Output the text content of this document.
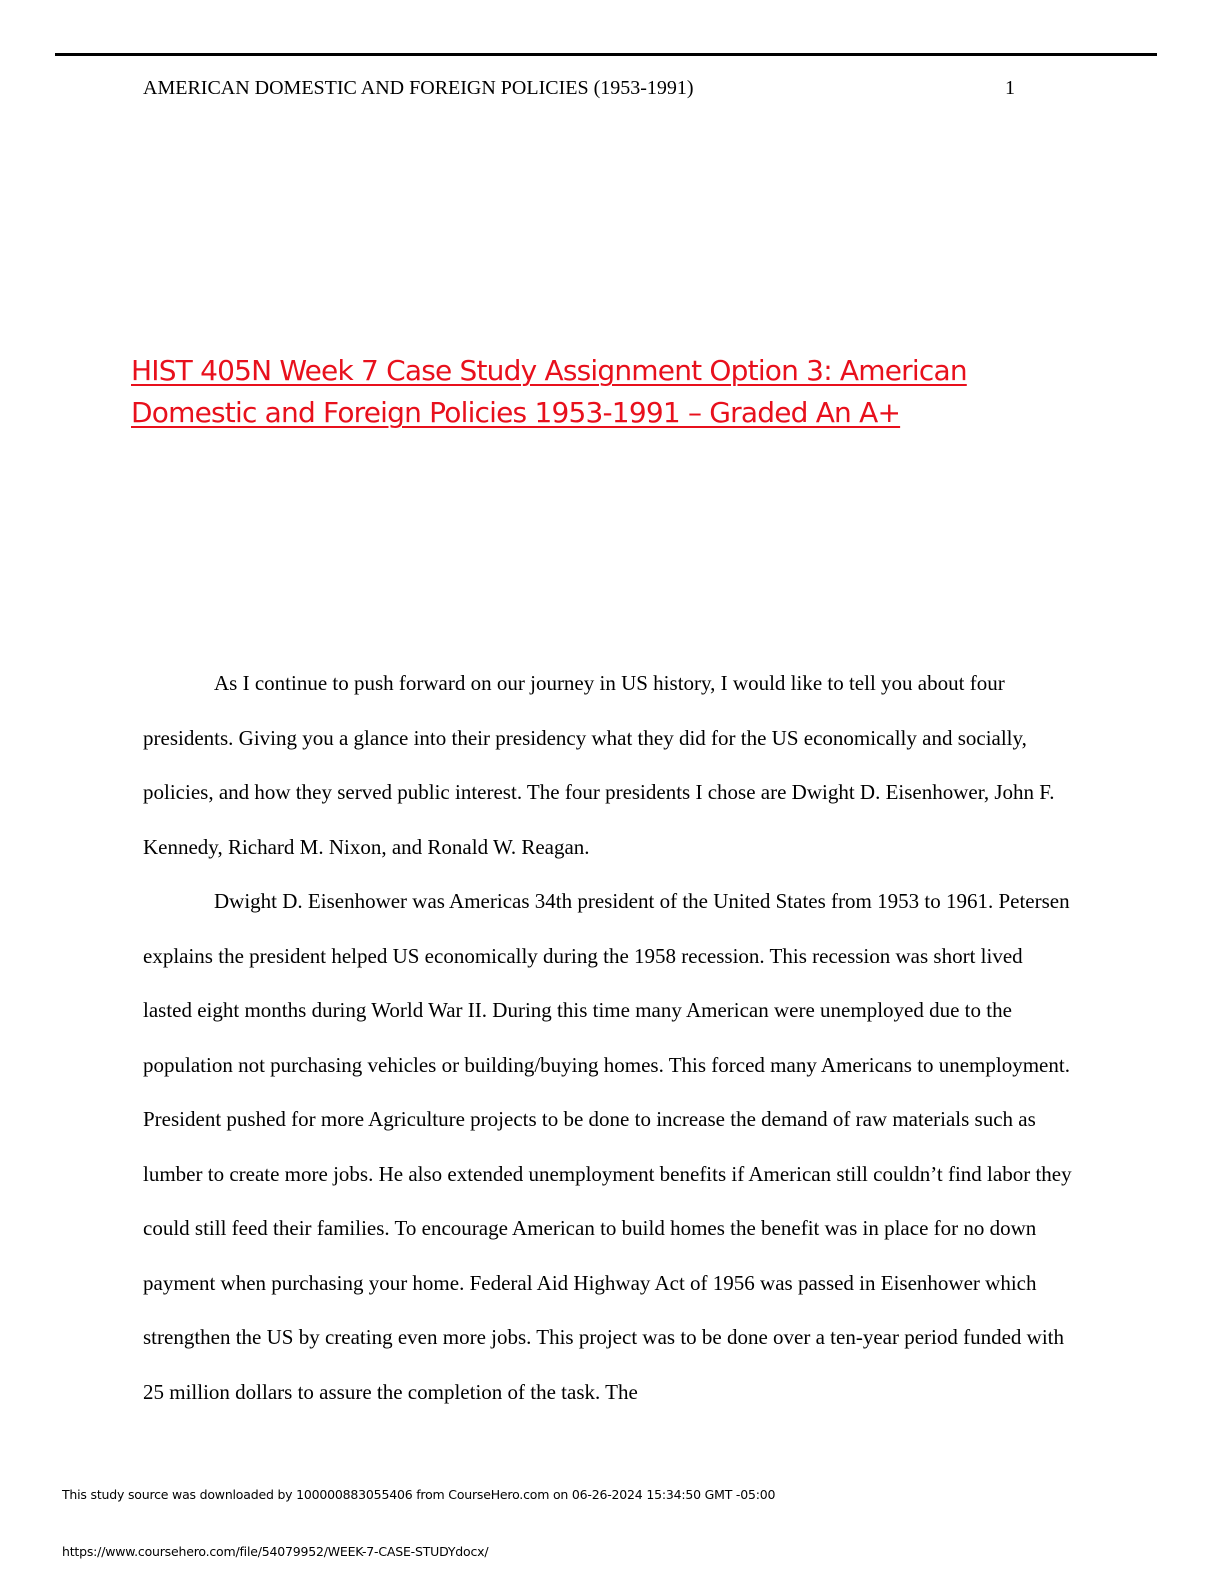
AMERICAN DOMESTIC AND FOREIGN POLICIES (1953-1991)	1
HIST 405N Week 7 Case Study Assignment Option 3: American
Domestic and Foreign Policies 1953-1991 – Graded An A+

As I continue to push forward on our journey in US history, I would like to tell you about four presidents. Giving you a glance into their presidency what they did for the US economically and socially, policies, and how they served public interest. The four presidents I chose are Dwight D. Eisenhower, John F. Kennedy, Richard M. Nixon, and Ronald W. Reagan.

Dwight D. Eisenhower was Americas 34th president of the United States from 1953 to 1961. Petersen explains the president helped US economically during the 1958 recession. This recession was short lived lasted eight months during World War II. During this time many American were unemployed due to the population not purchasing vehicles or building/buying homes. This forced many Americans to unemployment. President pushed for more Agriculture projects to be done to increase the demand of raw materials such as lumber to create more jobs. He also extended unemployment benefits if American still couldn’t find labor they could still feed their families. To encourage American to build homes the benefit was in place for no down payment when purchasing your home. Federal Aid Highway Act of 1956 was passed in Eisenhower which strengthen the US by creating even more jobs. This project was to be done over a ten-year period funded with 25 million dollars to assure the completion of the task. The

This study source was downloaded by 100000883055406 from CourseHero.com on 06-26-2024 15:34:50 GMT -05:00
https://www.coursehero.com/file/54079952/WEEK-7-CASE-STUDYdocx/
